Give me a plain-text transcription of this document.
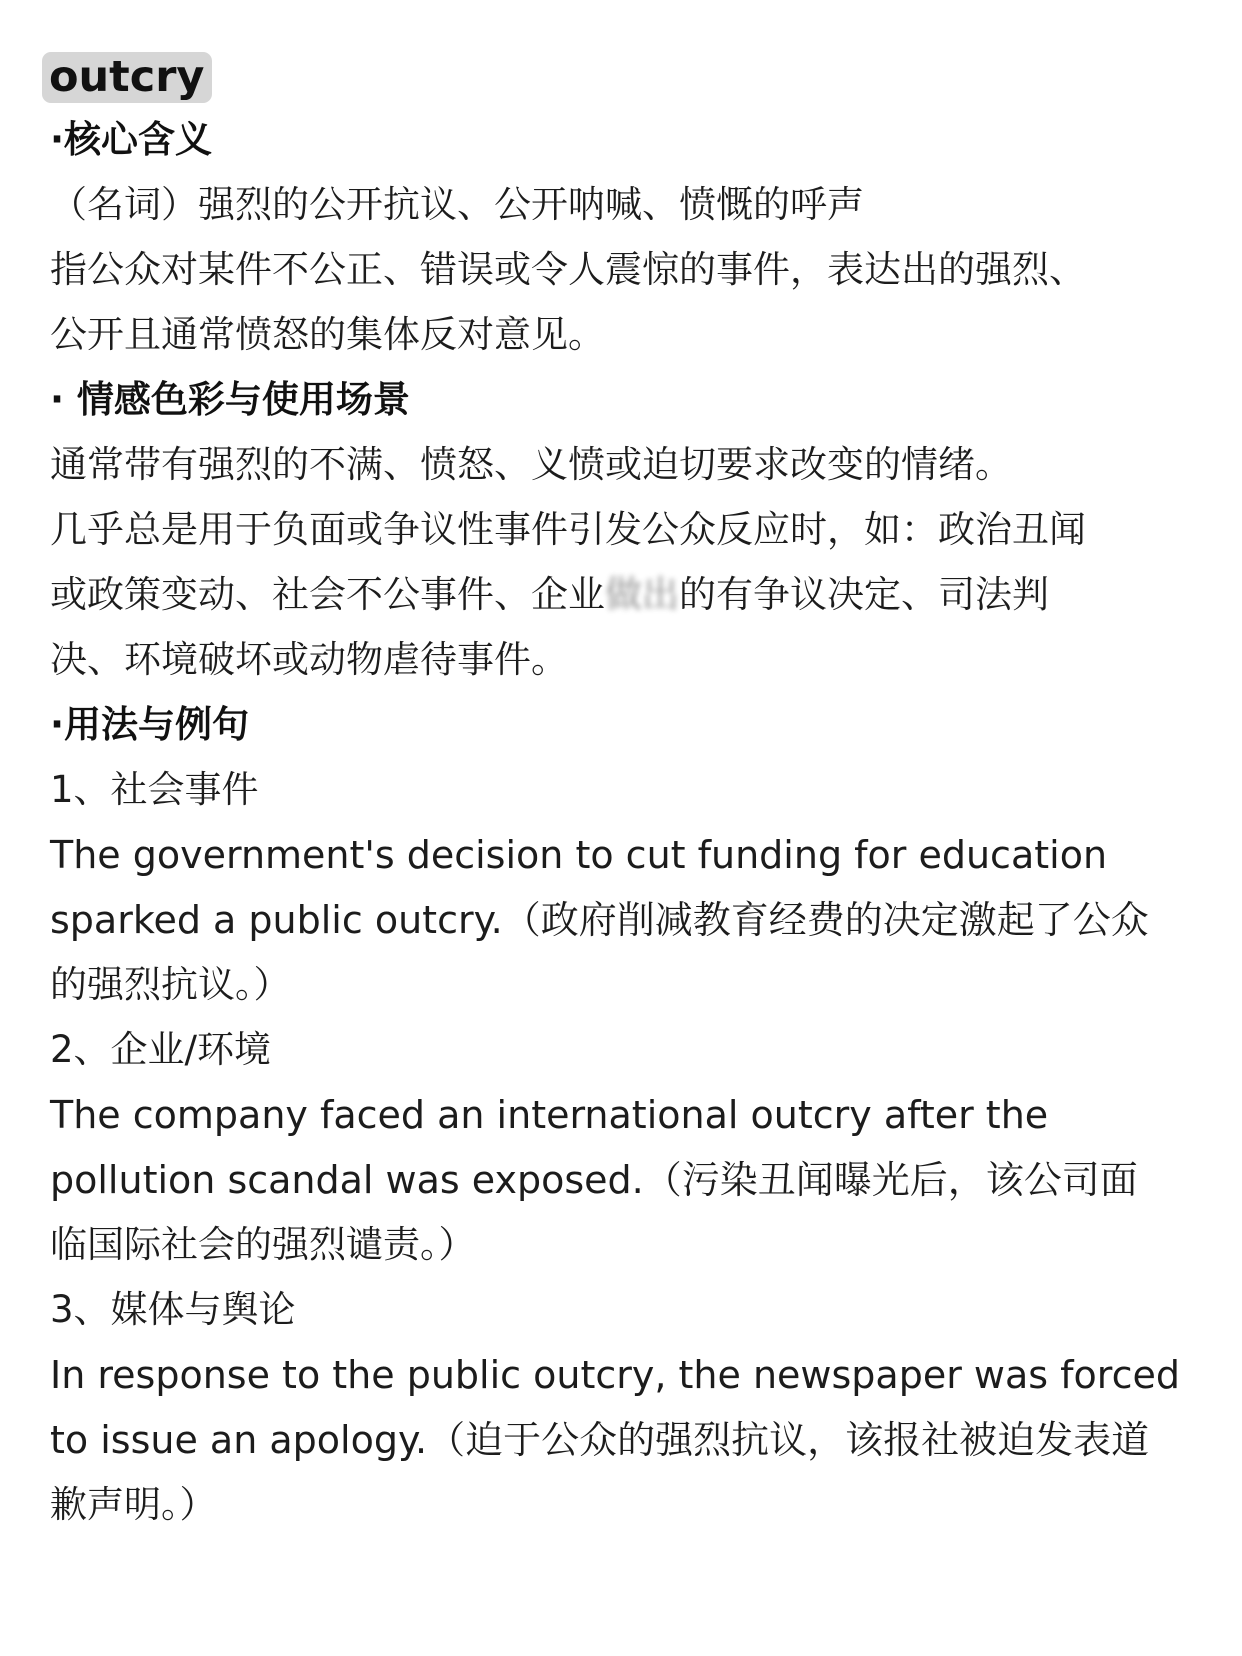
outcry
·核心含义
（名词）强烈的公开抗议、公开呐喊、愤慨的呼声
指公众对某件不公正、错误或令人震惊的事件，表达出的强烈、
公开且通常愤怒的集体反对意见。
· 情感色彩与使用场景
通常带有强烈的不满、愤怒、义愤或迫切要求改变的情绪。
几乎总是用于负面或争议性事件引发公众反应时，如：政治丑闻
或政策变动、社会不公事件、企业做出的有争议决定、司法判
决、环境破坏或动物虐待事件。
·用法与例句
1、社会事件
The government's decision to cut funding for education
sparked a public outcry.（政府削减教育经费的决定激起了公众
的强烈抗议。）
2、企业/环境
The company faced an international outcry after the
pollution scandal was exposed.（污染丑闻曝光后，该公司面
临国际社会的强烈谴责。）
3、媒体与舆论
In response to the public outcry, the newspaper was forced
to issue an apology.（迫于公众的强烈抗议，该报社被迫发表道
歉声明。）
